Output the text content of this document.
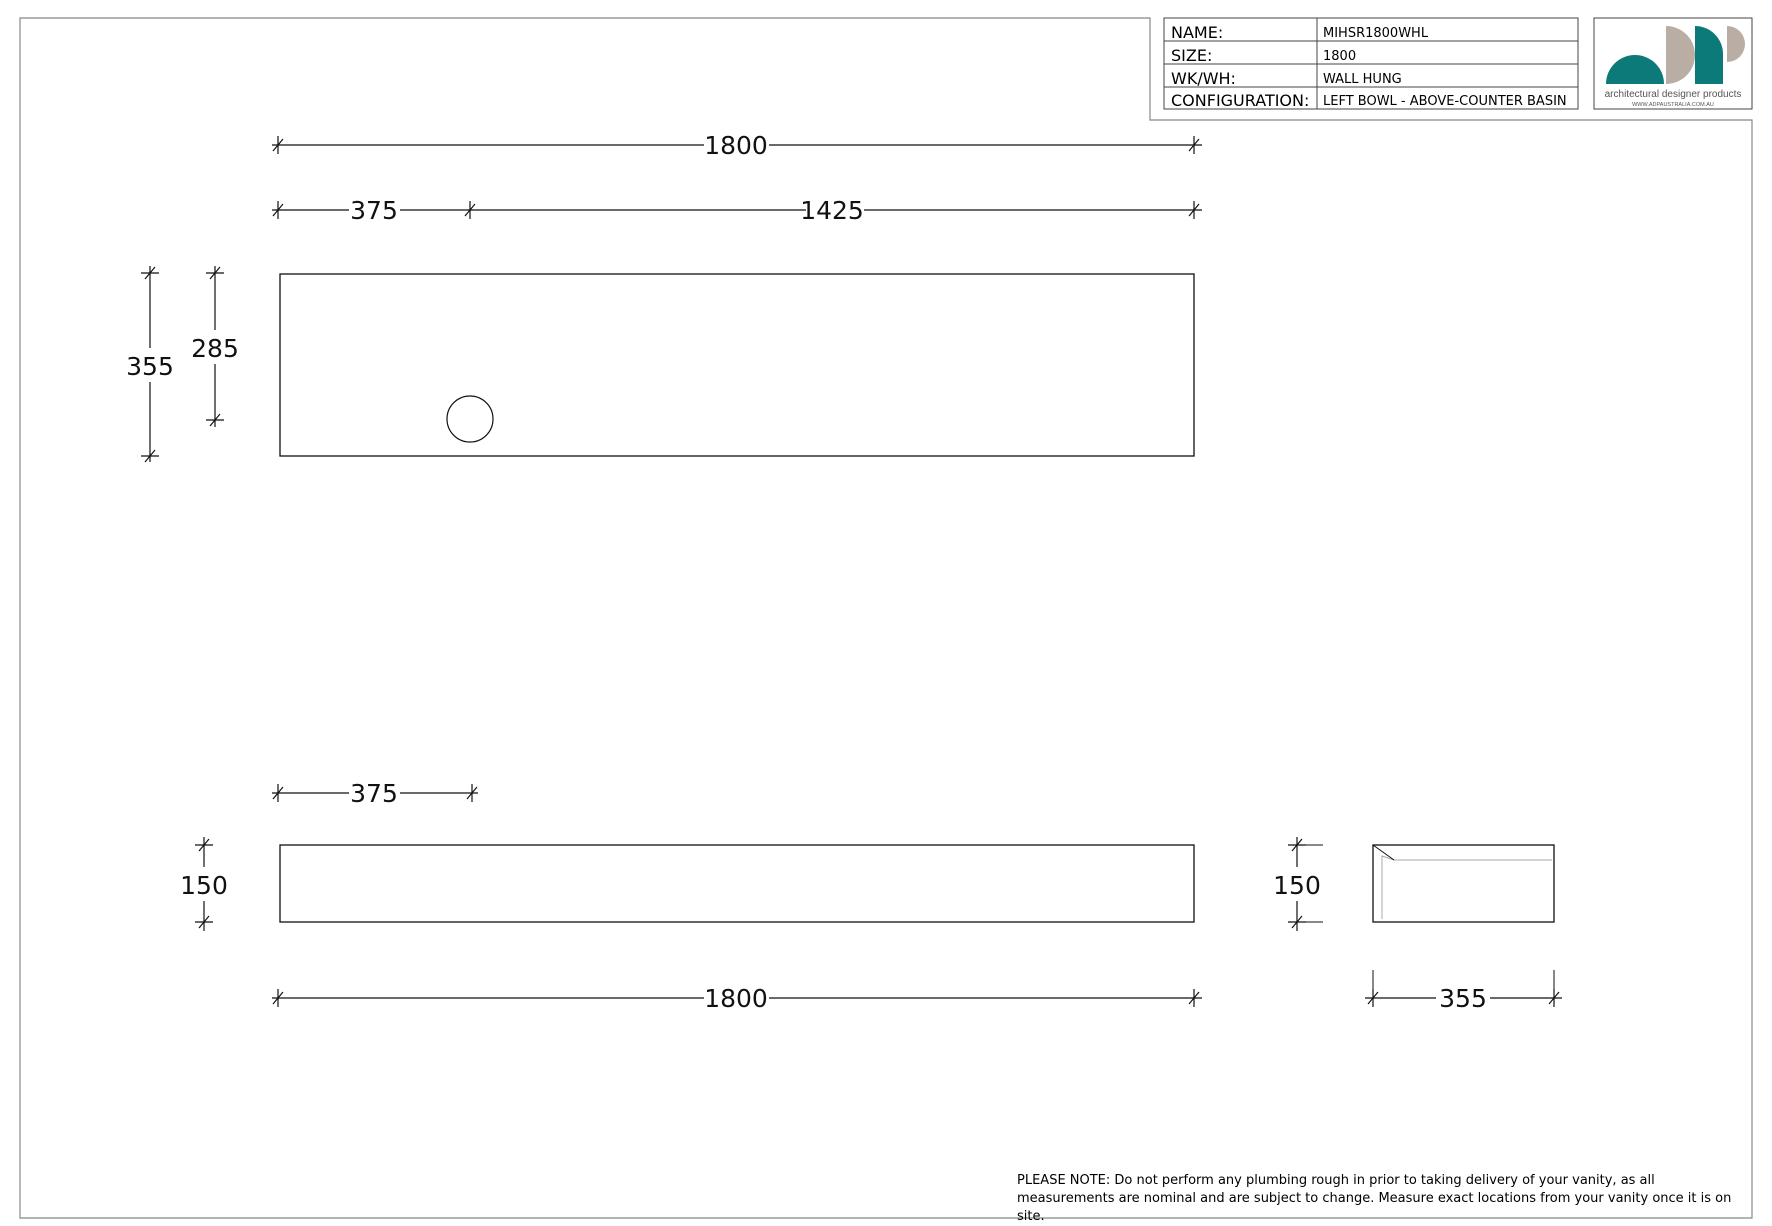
NAME:	MIHSR1800WHL
SIZE:	1800
WK/WH:	WALL HUNG
CONFIGURATION: LEFT BOWL - ABOVE-COUNTER BASIN	architectural designer products
WWW.ADPAUSTRALIA.COM.AU
1800
375	1425
355
285
375
150
1800
150
355

PLEASE NOTE: Do not perform any plumbing rough in prior to taking delivery of your vanity, as all measurements are nominal and are subject to change. Measure exact locations from your vanity once it is on site.
